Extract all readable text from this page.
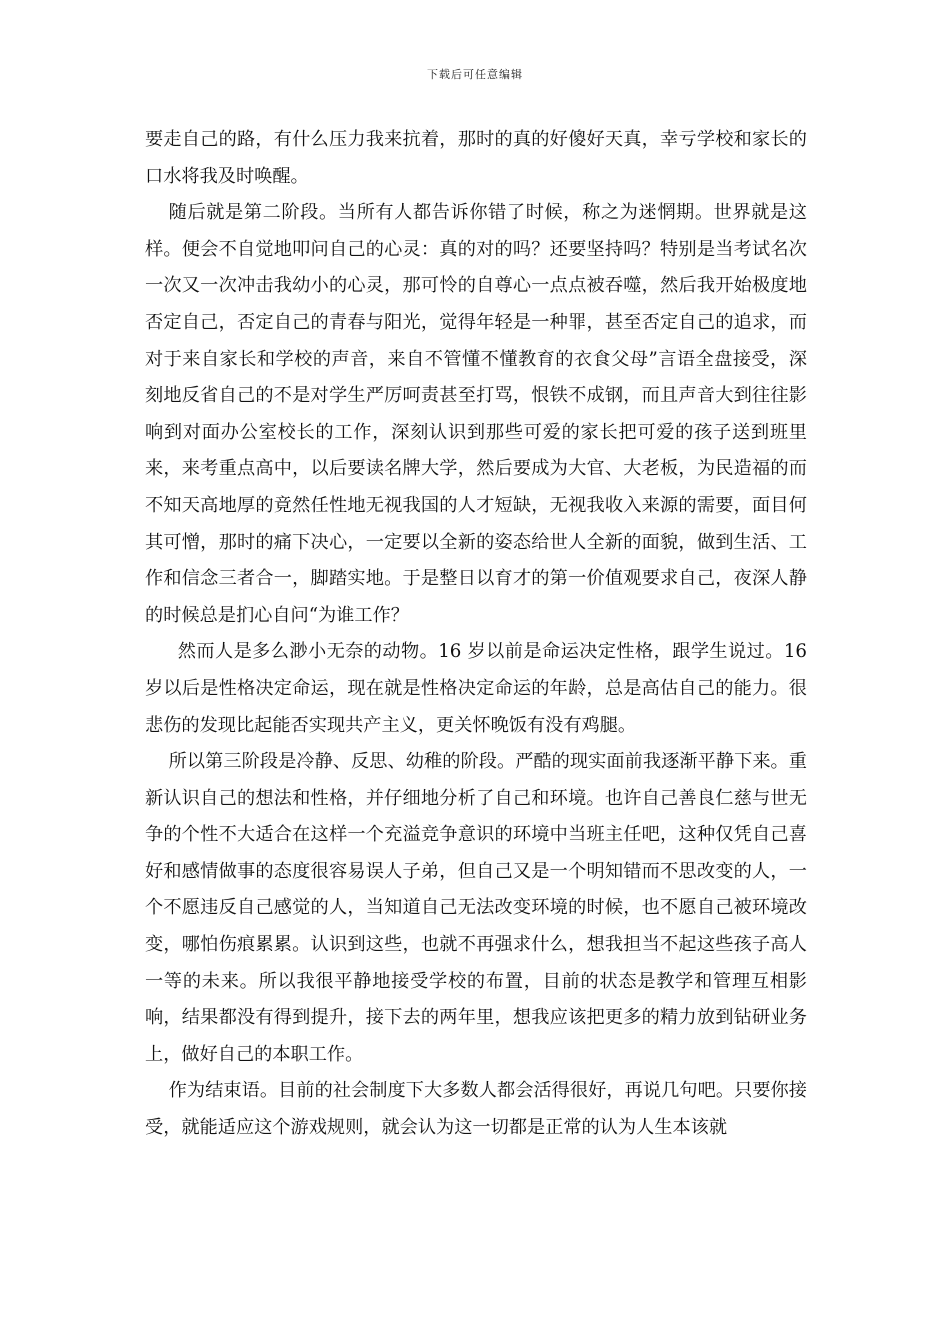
下载后可任意编辑

要走自己的路，有什么压力我来抗着，那时的真的好傻好天真，幸亏学校和家长的口水将我及时唤醒。

随后就是第二阶段。当所有人都告诉你错了时候，称之为迷惘期。世界就是这样。便会不自觉地叩问自己的心灵：真的对的吗？还要坚持吗？特别是当考试名次一次又一次冲击我幼小的心灵，那可怜的自尊心一点点被吞噬，然后我开始极度地否定自己，否定自己的青春与阳光，觉得年轻是一种罪，甚至否定自己的追求，而对于来自家长和学校的声音，来自不管懂不懂教育的衣食父母”言语全盘接受，深刻地反省自己的不是对学生严厉呵责甚至打骂，恨铁不成钢，而且声音大到往往影响到对面办公室校长的工作，深刻认识到那些可爱的家长把可爱的孩子送到班里来，来考重点高中，以后要读名牌大学，然后要成为大官、大老板，为民造福的而不知天高地厚的竟然任性地无视我国的人才短缺，无视我收入来源的需要，面目何其可憎，那时的痛下决心，一定要以全新的姿态给世人全新的面貌，做到生活、工作和信念三者合一，脚踏实地。于是整日以育才的第一价值观要求自己，夜深人静的时候总是扪心自问“为谁工作？

然而人是多么渺小无奈的动物。16 岁以前是命运决定性格，跟学生说过。16 岁以后是性格决定命运，现在就是性格决定命运的年龄，总是高估自己的能力。很悲伤的发现比起能否实现共产主义，更关怀晚饭有没有鸡腿。

所以第三阶段是冷静、反思、幼稚的阶段。严酷的现实面前我逐渐平静下来。重新认识自己的想法和性格，并仔细地分析了自己和环境。也许自己善良仁慈与世无争的个性不大适合在这样一个充溢竞争意识的环境中当班主任吧，这种仅凭自己喜好和感情做事的态度很容易误人子弟，但自己又是一个明知错而不思改变的人，一个不愿违反自己感觉的人，当知道自己无法改变环境的时候，也不愿自己被环境改变，哪怕伤痕累累。认识到这些，也就不再强求什么，想我担当不起这些孩子高人一等的未来。所以我很平静地接受学校的布置，目前的状态是教学和管理互相影响，结果都没有得到提升，接下去的两年里，想我应该把更多的精力放到钻研业务上，做好自己的本职工作。

作为结束语。目前的社会制度下大多数人都会活得很好，再说几句吧。只要你接受，就能适应这个游戏规则，就会认为这一切都是正常的认为人生本该就
